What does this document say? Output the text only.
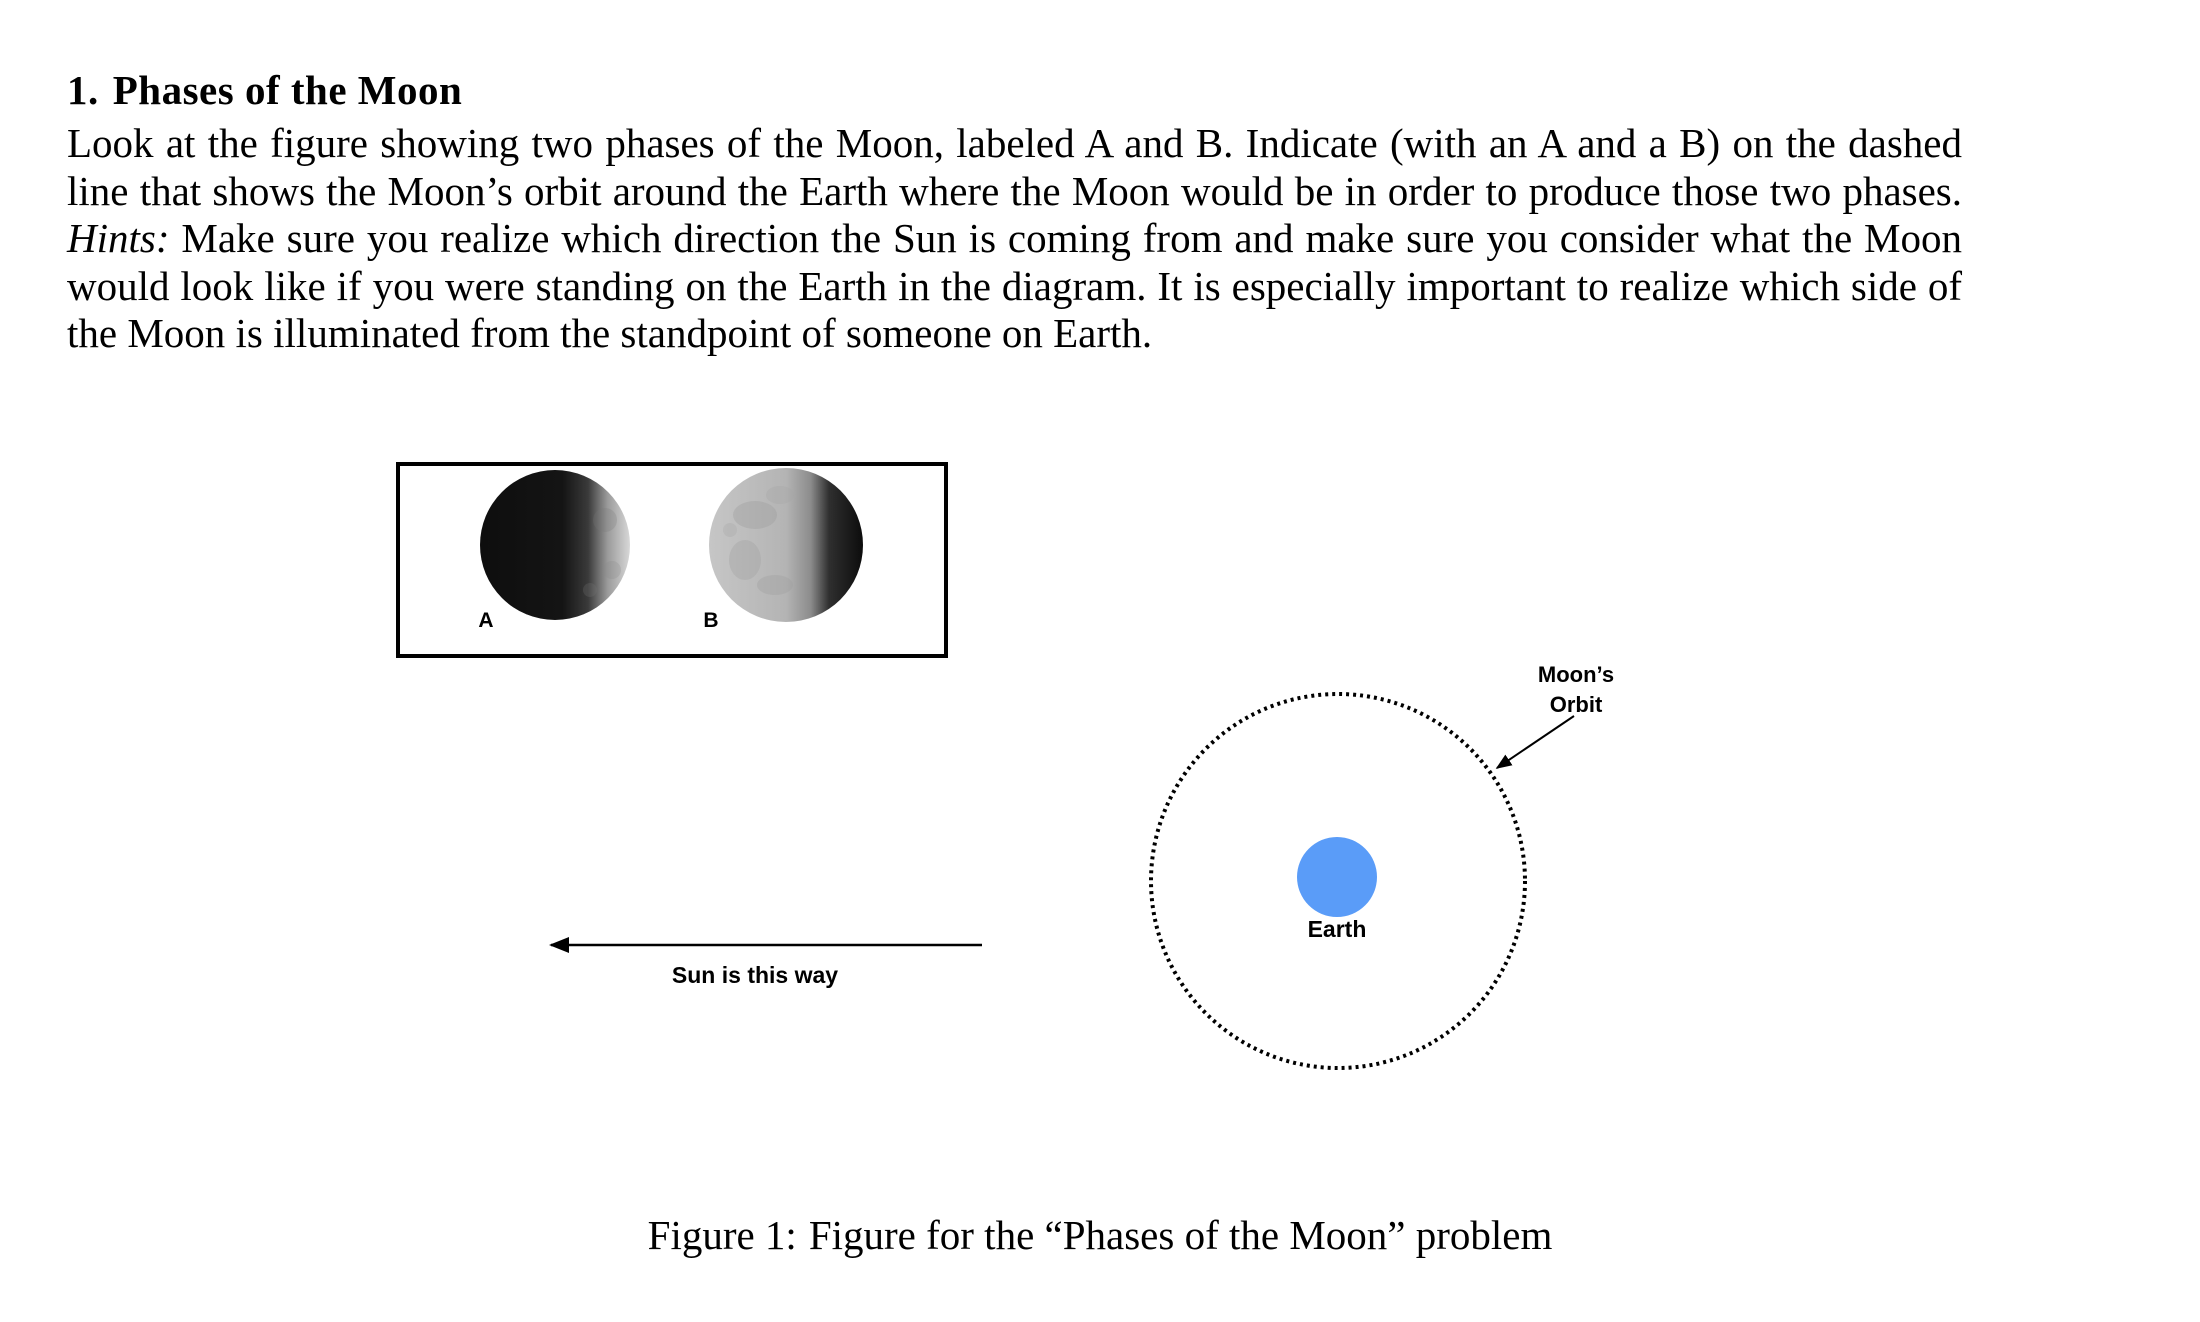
1. Phases of the Moon

Look at the figure showing two phases of the Moon, labeled A and B. Indicate (with an A and a B) on the dashed line that shows the Moon’s orbit around the Earth where the Moon would be in order to produce those two phases. Hints: Make sure you realize which direction the Sun is coming from and make sure you consider what the Moon would look like if you were standing on the Earth in the diagram. It is especially important to realize which side of the Moon is illuminated from the standpoint of someone on Earth.

A	B
Earth
Moon’s
Orbit
Sun is this way

Figure 1: Figure for the “Phases of the Moon” problem
